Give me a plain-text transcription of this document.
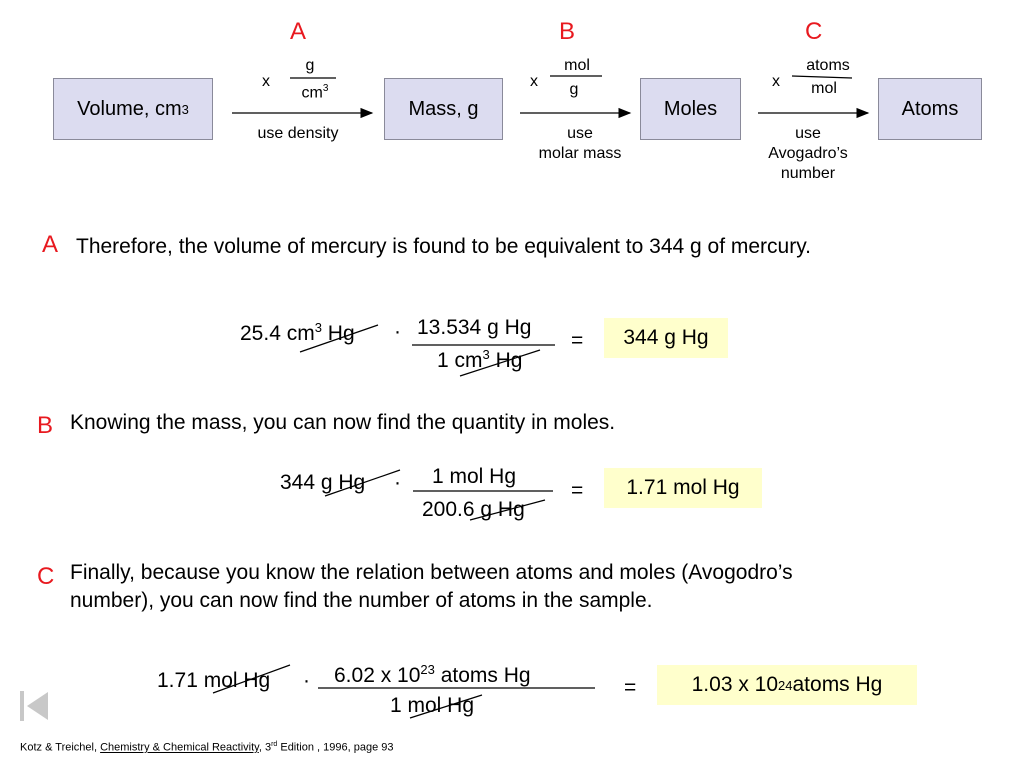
A	B	C
Volume, cm 3	Mass, g	Moles	Atoms
x
g
$cm^3$
use density
x
mol
g
use
molar mass
x
atoms
mol
use
Avogadro’s
number
A Therefore, the volume of mercury is found to be equivalent to 344 g of mercury.
25.4 $cm^3$ Hg · 13.534 g Hg
1 $cm^3$ Hg
= 344 g Hg
B Knowing the mass, you can now find the quantity in moles.
344 g Hg · 1 mol Hg
200.6 g Hg
= 1.71 mol Hg
C Finally, because you know the relation between atoms and moles (Avogodro’s
number), you can now find the number of atoms in the sample.
1.71 mol Hg · 6.02 x $10^{23}$ atoms Hg
1 mol Hg
=	1.03 x 10 24 atoms Hg
Kotz & Treichel, Chemistry & Chemical Reactivity, 3rd Edition , 1996, page 93
